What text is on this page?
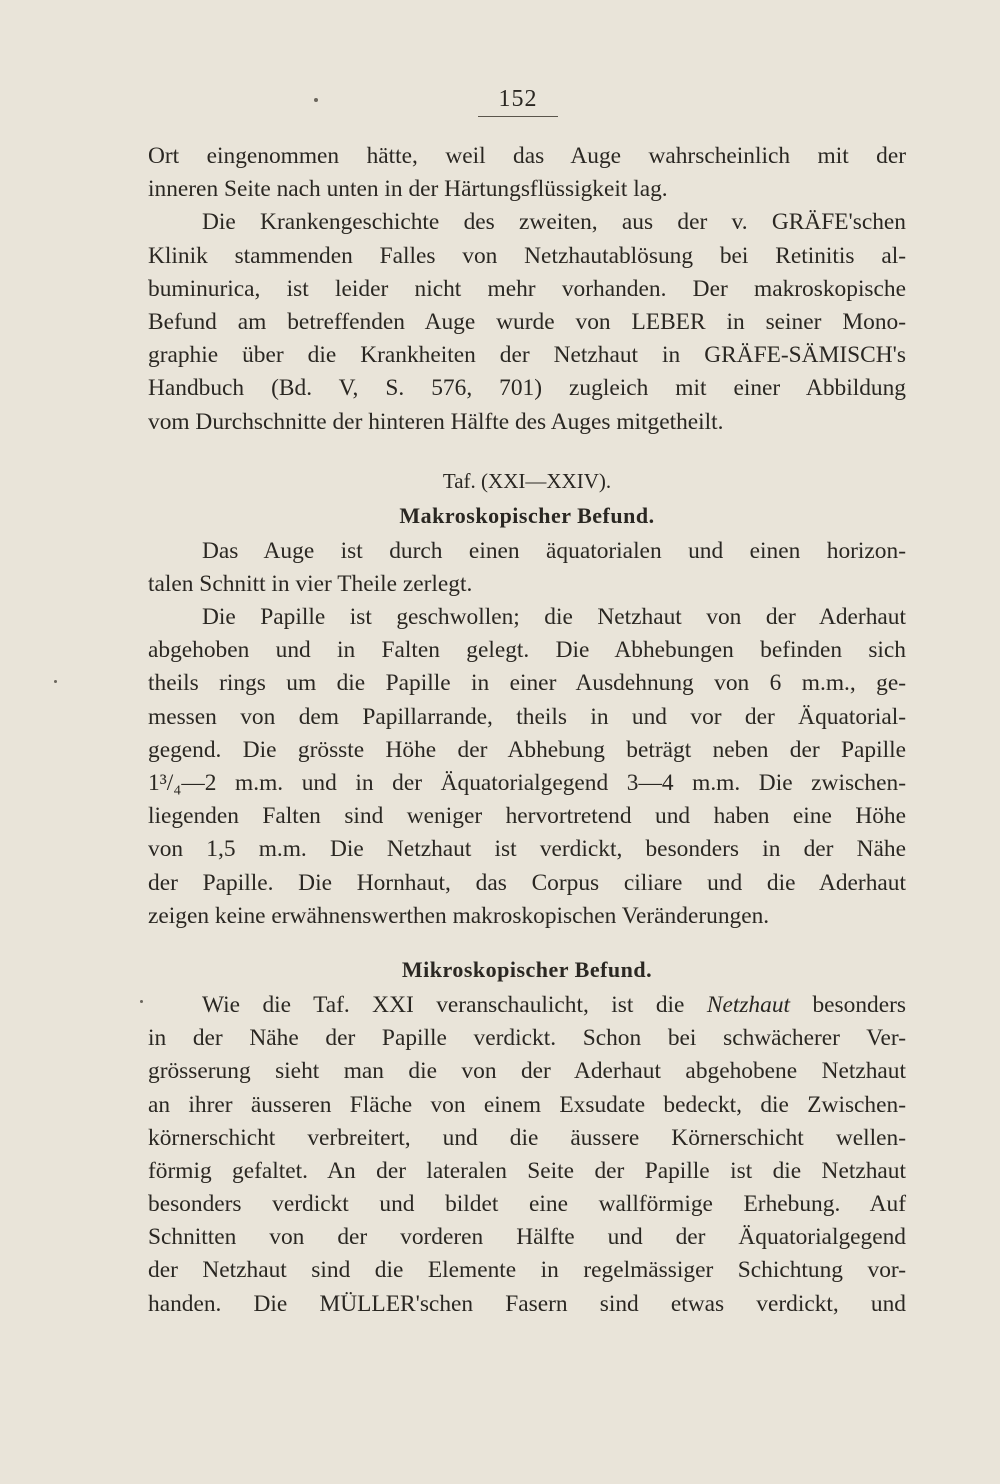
152
Ort eingenommen hätte, weil das Auge wahrscheinlich mit der
inneren Seite nach unten in der Härtungsflüssigkeit lag.
Die Krankengeschichte des zweiten, aus der v. GRÄFE'schen
Klinik stammenden Falles von Netzhautablösung bei Retinitis al-
buminurica, ist leider nicht mehr vorhanden. Der makroskopische
Befund am betreffenden Auge wurde von LEBER in seiner Mono-
graphie über die Krankheiten der Netzhaut in GRÄFE-SÄMISCH's
Handbuch (Bd. V, S. 576, 701) zugleich mit einer Abbildung
vom Durchschnitte der hinteren Hälfte des Auges mitgetheilt.
Taf. (XXI—XXIV).
Makroskopischer Befund.
Das Auge ist durch einen äquatorialen und einen horizon-
talen Schnitt in vier Theile zerlegt.
Die Papille ist geschwollen; die Netzhaut von der Aderhaut
abgehoben und in Falten gelegt. Die Abhebungen befinden sich
theils rings um die Papille in einer Ausdehnung von 6 m.m., ge-
messen von dem Papillarrande, theils in und vor der Äquatorial-
gegend. Die grösste Höhe der Abhebung beträgt neben der Papille
1³/₄—2 m.m. und in der Äquatorialgegend 3—4 m.m. Die zwischen-
liegenden Falten sind weniger hervortretend und haben eine Höhe
von 1,5 m.m. Die Netzhaut ist verdickt, besonders in der Nähe
der Papille. Die Hornhaut, das Corpus ciliare und die Aderhaut
zeigen keine erwähnenswerthen makroskopischen Veränderungen.
Mikroskopischer Befund.
Wie die Taf. XXI veranschaulicht, ist die Netzhaut besonders
in der Nähe der Papille verdickt. Schon bei schwächerer Ver-
grösserung sieht man die von der Aderhaut abgehobene Netzhaut
an ihrer äusseren Fläche von einem Exsudate bedeckt, die Zwischen-
körnerschicht verbreitert, und die äussere Körnerschicht wellen-
förmig gefaltet. An der lateralen Seite der Papille ist die Netzhaut
besonders verdickt und bildet eine wallförmige Erhebung. Auf
Schnitten von der vorderen Hälfte und der Äquatorialgegend
der Netzhaut sind die Elemente in regelmässiger Schichtung vor-
handen. Die MÜLLER'schen Fasern sind etwas verdickt, und
